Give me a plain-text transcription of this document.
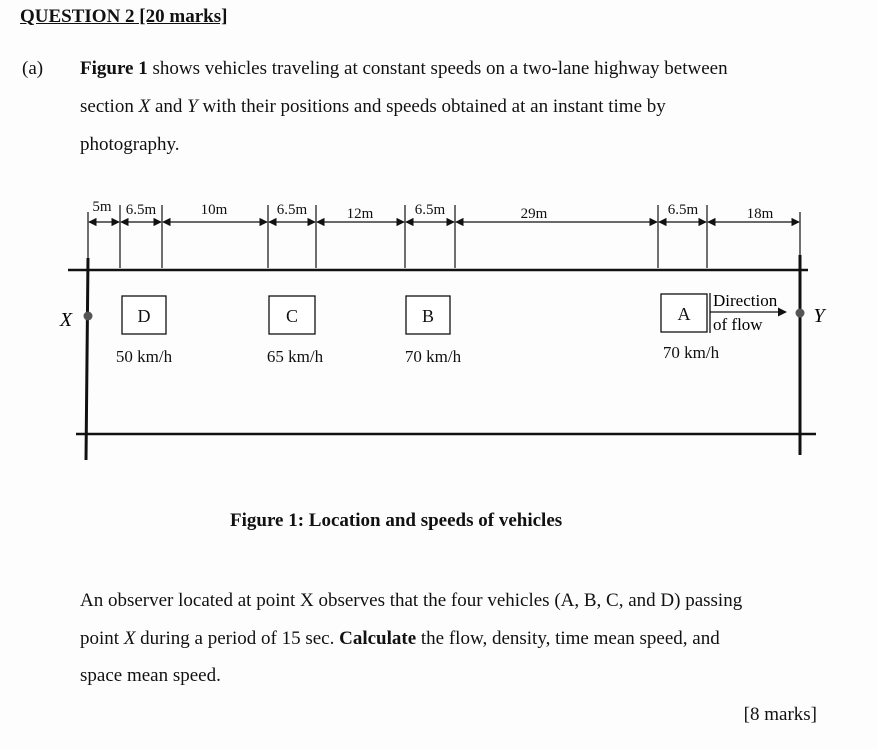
QUESTION 2 [20 marks]
(a) Figure 1 shows vehicles traveling at constant speeds on a two-lane highway between
section X and Y with their positions and speeds obtained at an instant time by
photography.
5m 6.5m	10m	6.5m	12m	6.5m	29m	6.5m	18m
X	Y
D	C	B	A
50 km/h	65 km/h	70 km/h	70 km/h
Direction
of flow
Figure 1: Location and speeds of vehicles
An observer located at point X observes that the four vehicles (A, B, C, and D) passing
point X during a period of 15 sec. Calculate the flow, density, time mean speed, and
space mean speed.
[8 marks]
